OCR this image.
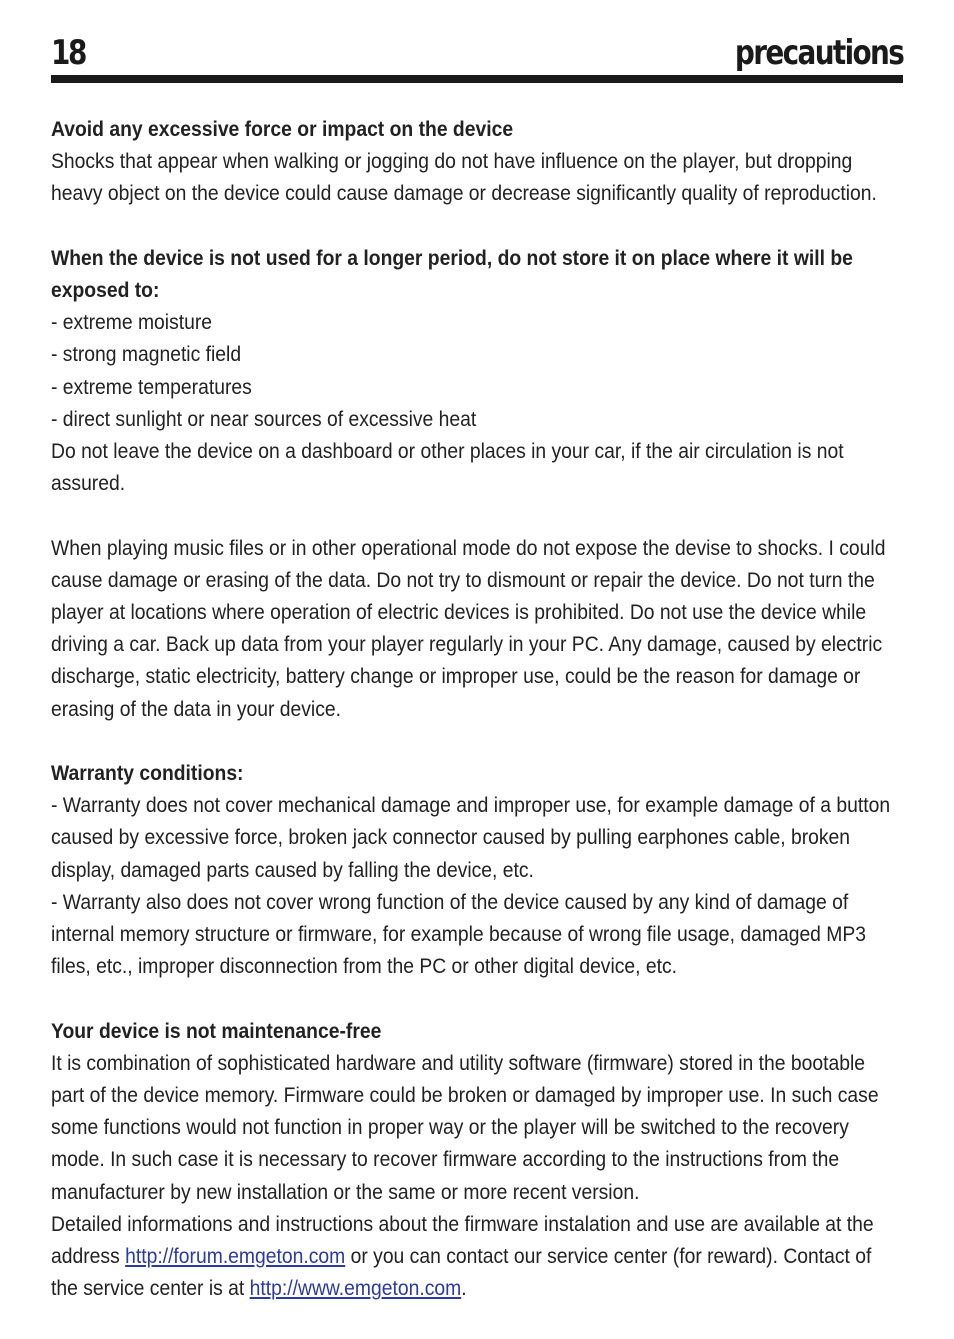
18	precautions

Avoid any excessive force or impact on the device

Shocks that appear when walking or jogging do not have influence on the player, but dropping

heavy object on the device could cause damage or decrease significantly quality of reproduction.

When the device is not used for a longer period, do not store it on place where it will be

exposed to:

- extreme moisture

- strong magnetic field

- extreme temperatures

- direct sunlight or near sources of excessive heat

Do not leave the device on a dashboard or other places in your car, if the air circulation is not

assured.

When playing music files or in other operational mode do not expose the devise to shocks. I could

cause damage or erasing of the data. Do not try to dismount or repair the device. Do not turn the

player at locations where operation of electric devices is prohibited. Do not use the device while

driving a car. Back up data from your player regularly in your PC. Any damage, caused by electric

discharge, static electricity, battery change or improper use, could be the reason for damage or

erasing of the data in your device.

Warranty conditions:

- Warranty does not cover mechanical damage and improper use, for example damage of a button

caused by excessive force, broken jack connector caused by pulling earphones cable, broken

display, damaged parts caused by falling the device, etc.

- Warranty also does not cover wrong function of the device caused by any kind of damage of

internal memory structure or firmware, for example because of wrong file usage, damaged MP3

files, etc., improper disconnection from the PC or other digital device, etc.

Your device is not maintenance-free

It is combination of sophisticated hardware and utility software (firmware) stored in the bootable

part of the device memory. Firmware could be broken or damaged by improper use. In such case

some functions would not function in proper way or the player will be switched to the recovery

mode. In such case it is necessary to recover firmware according to the instructions from the

manufacturer by new installation or the same or more recent version.

Detailed informations and instructions about the firmware instalation and use are available at the

address http://forum.emgeton.com or you can contact our service center (for reward). Contact of

the service center is at http://www.emgeton.com.
